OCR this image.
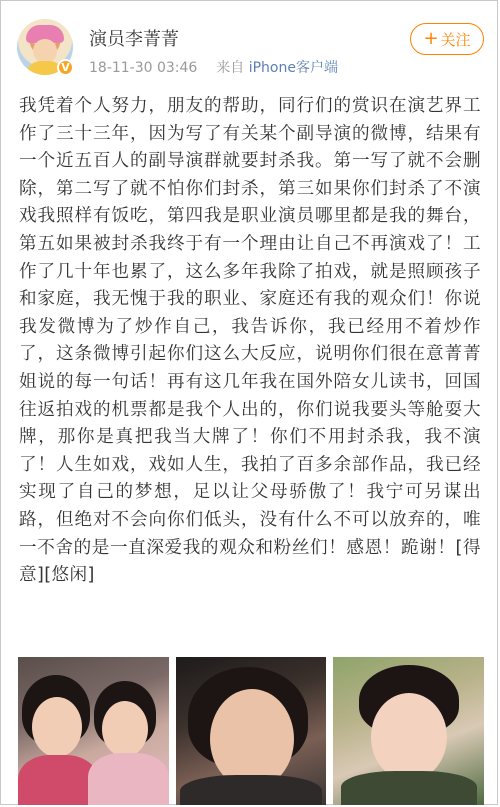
V
演员李菁菁
18-11-30 03:46 来自 iPhone客户端
+ 关注
我凭着个人努力，朋友的帮助，同行们的赏识在演艺界工作了三十三年，因为写了有关某个副导演的微博，结果有一个近五百人的副导演群就要封杀我。第一写了就不会删除，第二写了就不怕你们封杀，第三如果你们封杀了不演戏我照样有饭吃，第四我是职业演员哪里都是我的舞台，第五如果被封杀我终于有一个理由让自己不再演戏了！工作了几十年也累了，这么多年我除了拍戏，就是照顾孩子和家庭，我无愧于我的职业、家庭还有我的观众们！你说我发微博为了炒作自己，我告诉你，我已经用不着炒作了，这条微博引起你们这么大反应，说明你们很在意菁菁姐说的每一句话！再有这几年我在国外陪女儿读书，回国往返拍戏的机票都是我个人出的，你们说我要头等舱耍大牌，那你是真把我当大牌了！你们不用封杀我，我不演了！人生如戏，戏如人生，我拍了百多余部作品，我已经实现了自己的梦想，足以让父母骄傲了！我宁可另谋出路，但绝对不会向你们低头，没有什么不可以放弃的，唯一不舍的是一直深爱我的观众和粉丝们！感恩！跪谢！[得意][悠闲]
